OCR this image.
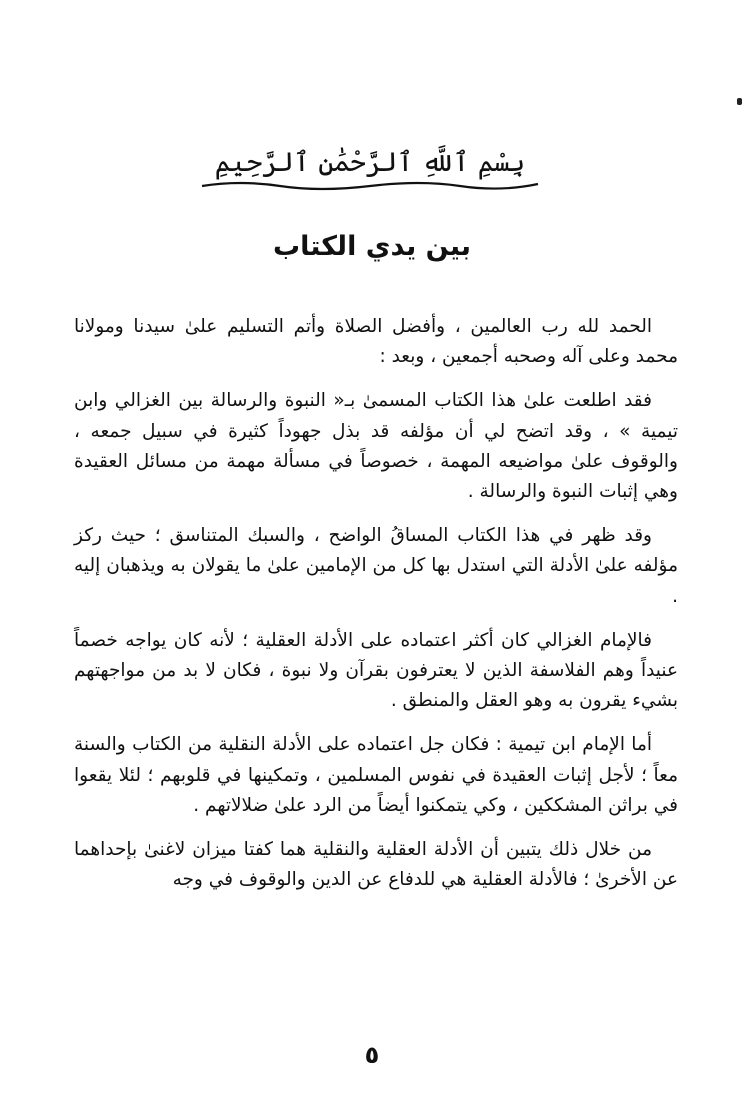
بِسْمِ ٱللَّهِ ٱلرَّحْمَٰنِ ٱلرَّحِيمِ
بين يدي الكتاب

الحمد لله رب العالمين ، وأفضل الصلاة وأتم التسليم علىٰ سيدنا ومولانا محمد وعلى آله وصحبه أجمعين ، وبعد :

فقد اطلعت علىٰ هذا الكتاب المسمىٰ بـ« النبوة والرسالة بين الغزالي وابن تيمية » ، وقد اتضح لي أن مؤلفه قد بذل جهوداً كثيرة في سبيل جمعه ، والوقوف علىٰ مواضيعه المهمة ، خصوصاً في مسألة مهمة من مسائل العقيدة وهي إثبات النبوة والرسالة .

وقد ظهر في هذا الكتاب المساقُ الواضح ، والسبك المتناسق ؛ حيث ركز مؤلفه علىٰ الأدلة التي استدل بها كل من الإمامين علىٰ ما يقولان به ويذهبان إليه .

فالإمام الغزالي كان أكثر اعتماده على الأدلة العقلية ؛ لأنه كان يواجه خصماً عنيداً وهم الفلاسفة الذين لا يعترفون بقرآن ولا نبوة ، فكان لا بد من مواجهتهم بشيء يقرون به وهو العقل والمنطق .

أما الإمام ابن تيمية : فكان جل اعتماده على الأدلة النقلية من الكتاب والسنة معاً ؛ لأجل إثبات العقيدة في نفوس المسلمين ، وتمكينها في قلوبهم ؛ لئلا يقعوا في براثن المشككين ، وكي يتمكنوا أيضاً من الرد علىٰ ضلالاتهم .

من خلال ذلك يتبين أن الأدلة العقلية والنقلية هما كفتا ميزان لاغنىٰ بإحداهما عن الأخرىٰ ؛ فالأدلة العقلية هي للدفاع عن الدين والوقوف في وجه

٥
